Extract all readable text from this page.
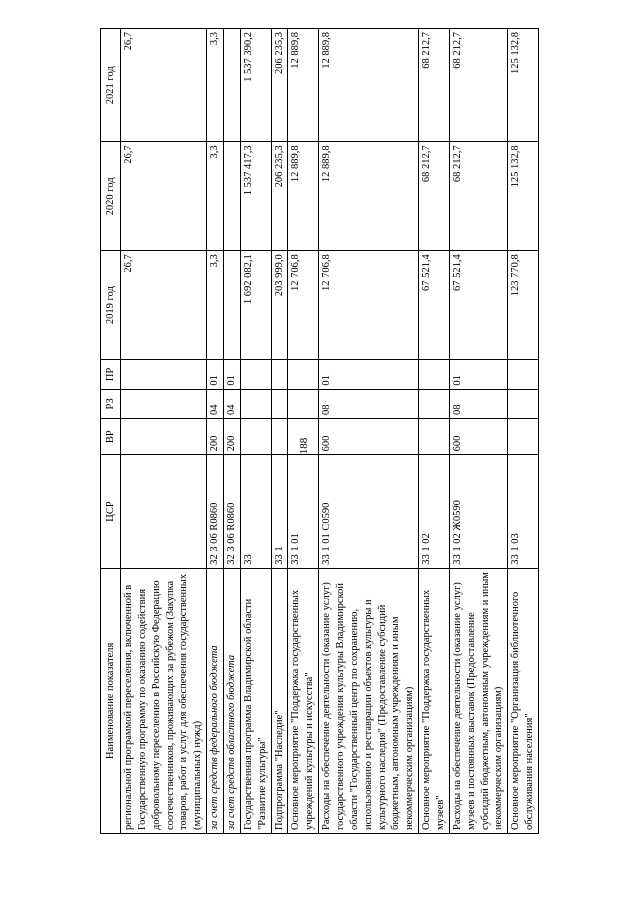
188
Наименование показателя	ЦСР	ВР	РЗ	ПР	2019 год	2020 год	2021 год
региональной программой переселения, включенной в Государственную программу по оказанию содействия добровольному переселению в Российскую Федерацию соотечественников, проживающих за рубежом (Закупка товаров, работ и услуг для обеспечения государственных (муниципальных) нужд)					26,7	26,7	26,7
за счет средств федерального бюджета	32 3 06 R0860	200	04	01	3,3	3,3	3,3
за счет средств областного бюджета	32 3 06 R0860	200	04	01			
Государственная программа Владимирской области "Развитие культуры"	33				1 692 082,1	1 537 417,3	1 537 390,2
Подпрограмма "Наследие"	33 1				203 999,0	206 235,3	206 235,3
Основное мероприятие "Поддержка государственных учреждений культуры и искусства"	33 1 01				12 706,8	12 889,8	12 889,8
Расходы на обеспечение деятельности (оказание услуг) государственного учреждения культуры Владимирской области "Государственный центр по сохранению, использованию и реставрации объектов культуры и культурного наследия" (Предоставление субсидий бюджетным, автономным учреждениям и иным некоммерческим организациям)	33 1 01 С0590	600	08	01	12 706,8	12 889,8	12 889,8
Основное мероприятие "Поддержка государственных музеев"	33 1 02				67 521,4	68 212,7	68 212,7
Расходы на обеспечение деятельности (оказание услуг) музеев и постоянных выставок (Предоставление субсидий бюджетным, автономным учреждениям и иным некоммерческим организациям)	33 1 02 Ж0590	600	08	01	67 521,4	68 212,7	68 212,7
Основное мероприятие "Организация библиотечного обслуживания населения"	33 1 03				123 770,8	125 132,8	125 132,8
